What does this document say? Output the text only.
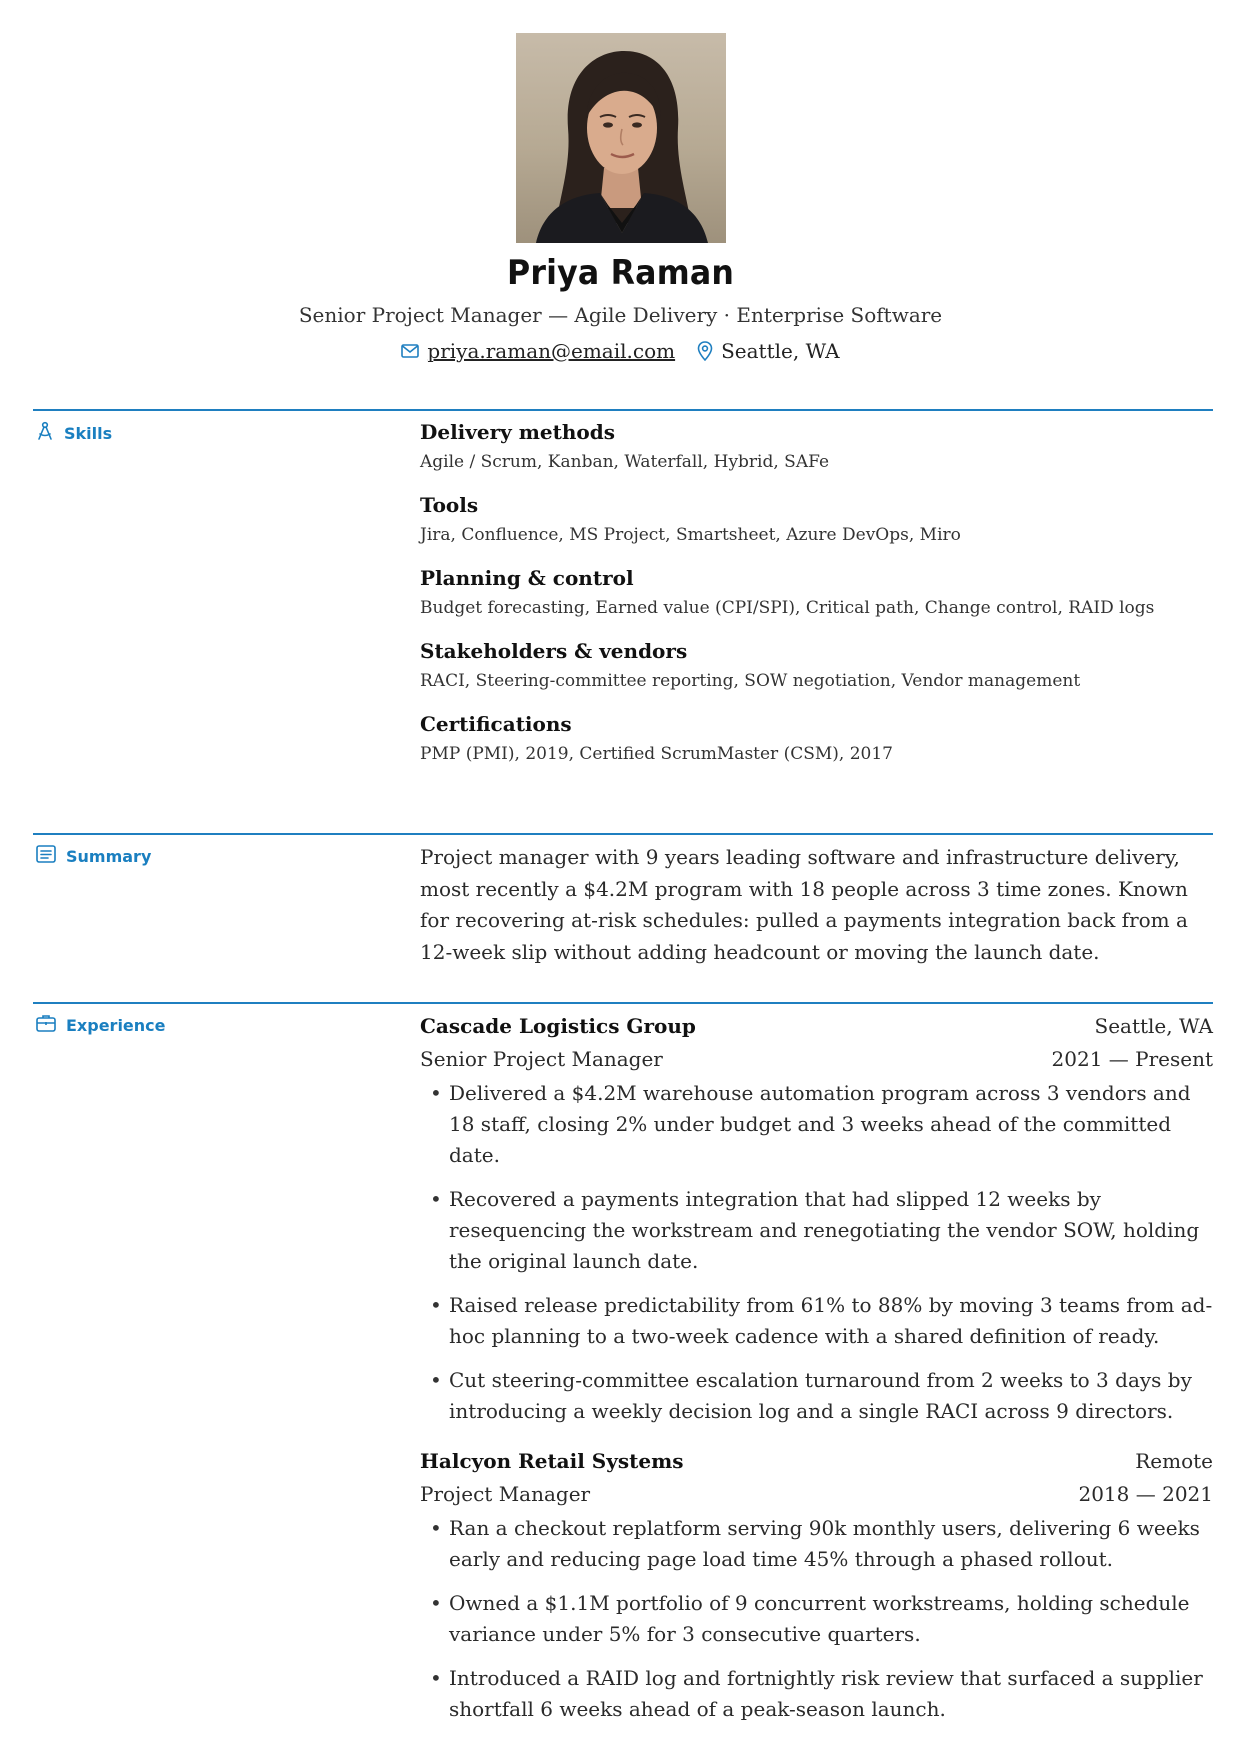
Priya Raman
Senior Project Manager — Agile Delivery · Enterprise Software
priya.raman@email.com Seattle, WA
Skills	Delivery methods
Agile / Scrum, Kanban, Waterfall, Hybrid, SAFe
Tools
Jira, Confluence, MS Project, Smartsheet, Azure DevOps, Miro
Planning & control
Budget forecasting, Earned value (CPI/SPI), Critical path, Change control, RAID logs
Stakeholders & vendors
RACI, Steering-committee reporting, SOW negotiation, Vendor management
Certifications
PMP (PMI), 2019, Certified ScrumMaster (CSM), 2017
Summary	Project manager with 9 years leading software and infrastructure delivery, most recently a $4.2M program with 18 people across 3 time zones. Known for recovering at-risk schedules: pulled a payments integration back from a 12-week slip without adding headcount or moving the launch date.
Experience	Cascade Logistics Group	Seattle, WA
Senior Project Manager	2021 — Present
• Delivered a $4.2M warehouse automation program across 3 vendors and 18 staff, closing 2% under budget and 3 weeks ahead of the committed date.
• Recovered a payments integration that had slipped 12 weeks by resequencing the workstream and renegotiating the vendor SOW, holding the original launch date.
• Raised release predictability from 61% to 88% by moving 3 teams from ad-hoc planning to a two-week cadence with a shared definition of ready.
• Cut steering-committee escalation turnaround from 2 weeks to 3 days by introducing a weekly decision log and a single RACI across 9 directors.
Halcyon Retail Systems	Remote
Project Manager	2018 — 2021
• Ran a checkout replatform serving 90k monthly users, delivering 6 weeks early and reducing page load time 45% through a phased rollout.
• Owned a $1.1M portfolio of 9 concurrent workstreams, holding schedule variance under 5% for 3 consecutive quarters.
• Introduced a RAID log and fortnightly risk review that surfaced a supplier shortfall 6 weeks ahead of a peak-season launch.
